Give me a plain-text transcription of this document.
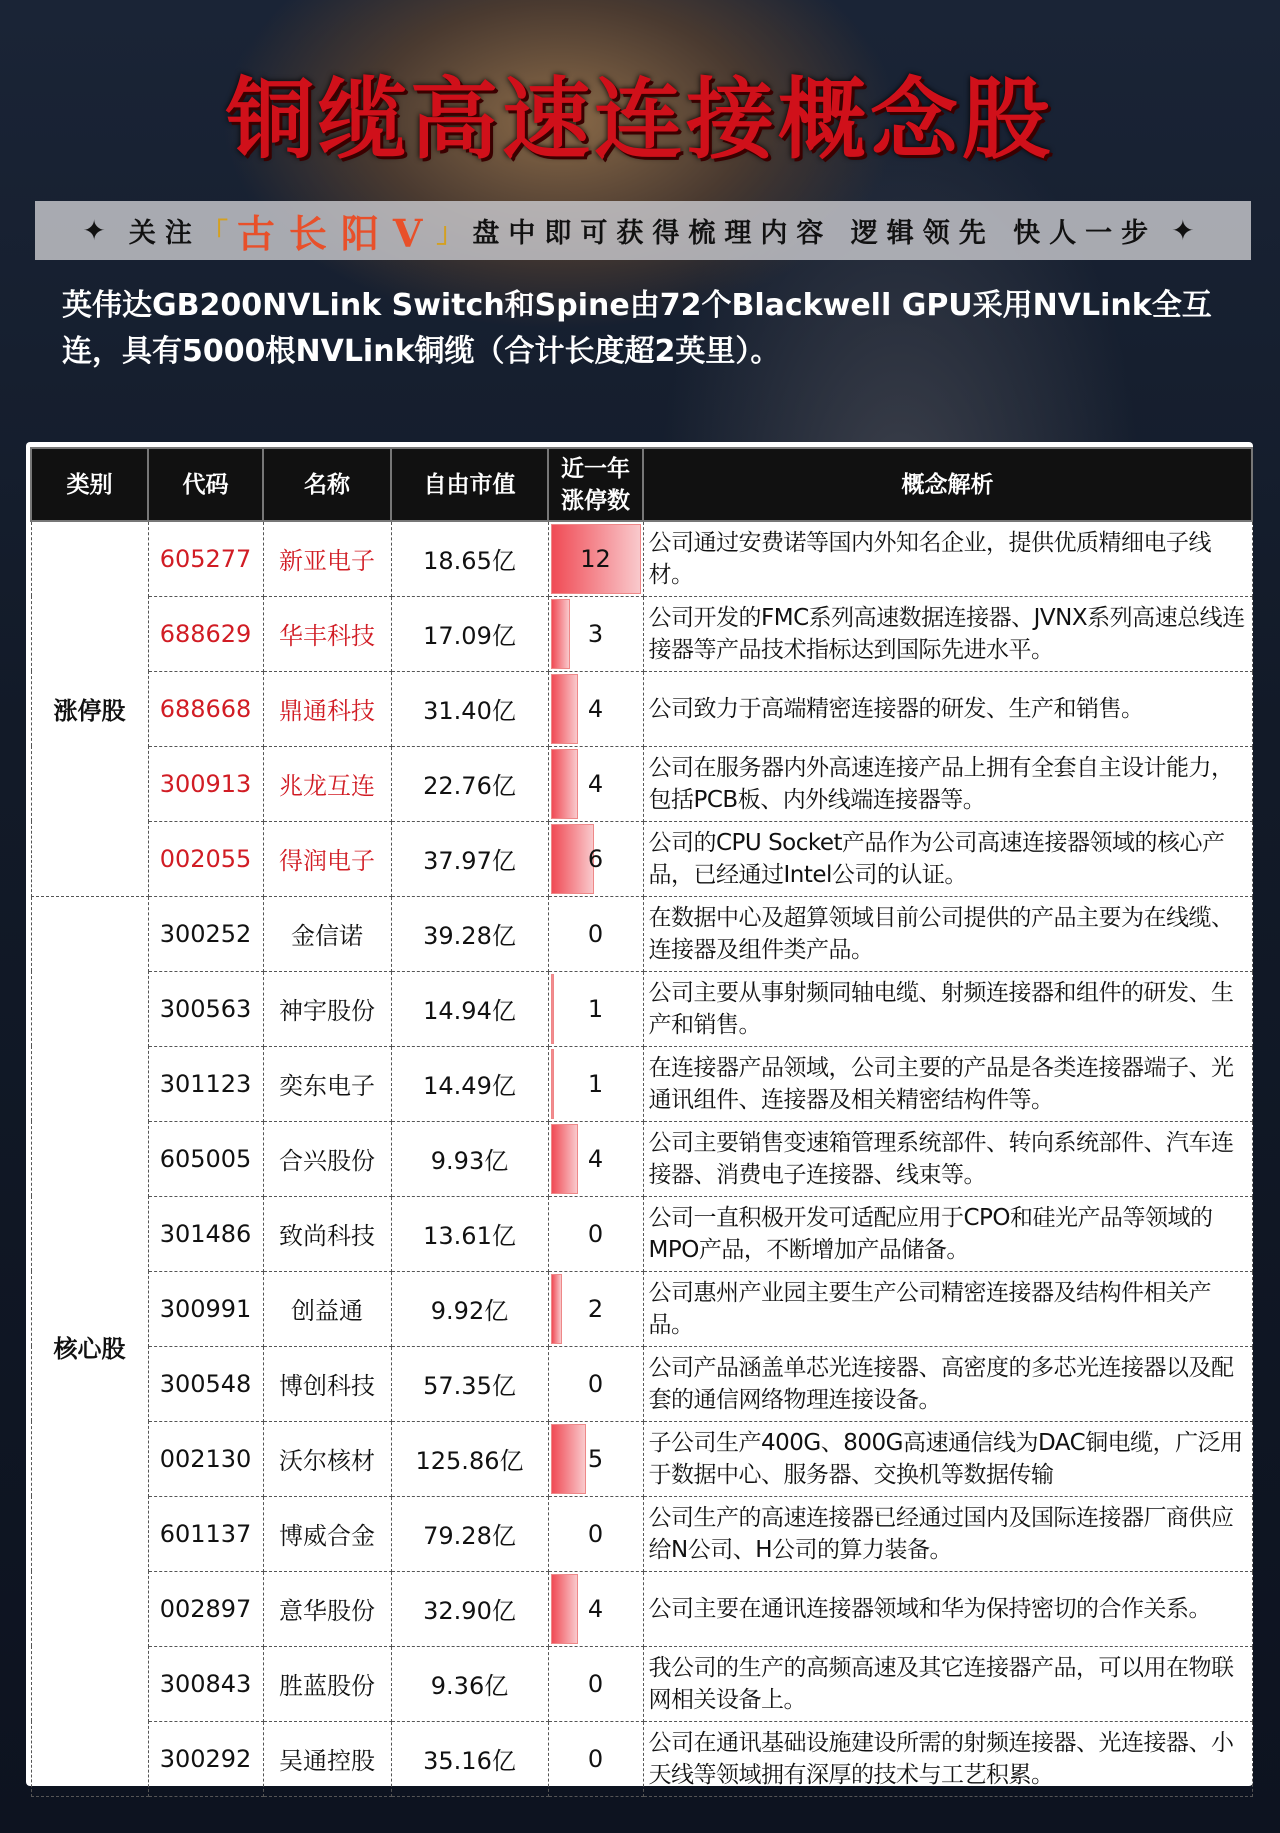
铜缆高速连接概念股
✦ 关注 「 古长阳V 」 盘中即可获得梳理内容 逻辑领先 快人一步 ✦
英伟达GB200NVLink Switch和Spine由72个Blackwell GPU采用NVLink全互连，具有5000根NVLink铜缆（合计长度超2英里）。
类别	代码	名称	自由市值	近一年涨停数	概念解析
涨停股	605277	新亚电子	18.65亿	12	公司通过安费诺等国内外知名企业，提供优质精细电子线材。
	688629	华丰科技	17.09亿	3	公司开发的FMC系列高速数据连接器、JVNX系列高速总线连接器等产品技术指标达到国际先进水平。
	688668	鼎通科技	31.40亿	4	公司致力于高端精密连接器的研发、生产和销售。
	300913	兆龙互连	22.76亿	4	公司在服务器内外高速连接产品上拥有全套自主设计能力，包括PCB板、内外线端连接器等。
	002055	得润电子	37.97亿	6	公司的CPU Socket产品作为公司高速连接器领域的核心产品，已经通过Intel公司的认证。
核心股	300252	金信诺	39.28亿	0	在数据中心及超算领域目前公司提供的产品主要为在线缆、连接器及组件类产品。
	300563	神宇股份	14.94亿	1	公司主要从事射频同轴电缆、射频连接器和组件的研发、生产和销售。
	301123	奕东电子	14.49亿	1	在连接器产品领域，公司主要的产品是各类连接器端子、光通讯组件、连接器及相关精密结构件等。
	605005	合兴股份	9.93亿	4	公司主要销售变速箱管理系统部件、转向系统部件、汽车连接器、消费电子连接器、线束等。
	301486	致尚科技	13.61亿	0	公司一直积极开发可适配应用于CPO和硅光产品等领域的MPO产品，不断增加产品储备。
	300991	创益通	9.92亿	2	公司惠州产业园主要生产公司精密连接器及结构件相关产品。
	300548	博创科技	57.35亿	0	公司产品涵盖单芯光连接器、高密度的多芯光连接器以及配套的通信网络物理连接设备。
	002130	沃尔核材	125.86亿	5	子公司生产400G、800G高速通信线为DAC铜电缆，广泛用于数据中心、服务器、交换机等数据传输
	601137	博威合金	79.28亿	0	公司生产的高速连接器已经通过国内及国际连接器厂商供应给N公司、H公司的算力装备。
	002897	意华股份	32.90亿	4	公司主要在通讯连接器领域和华为保持密切的合作关系。
	300843	胜蓝股份	9.36亿	0	我公司的生产的高频高速及其它连接器产品，可以用在物联网相关设备上。
	300292	吴通控股	35.16亿	0	公司在通讯基础设施建设所需的射频连接器、光连接器、小天线等领域拥有深厚的技术与工艺积累。
